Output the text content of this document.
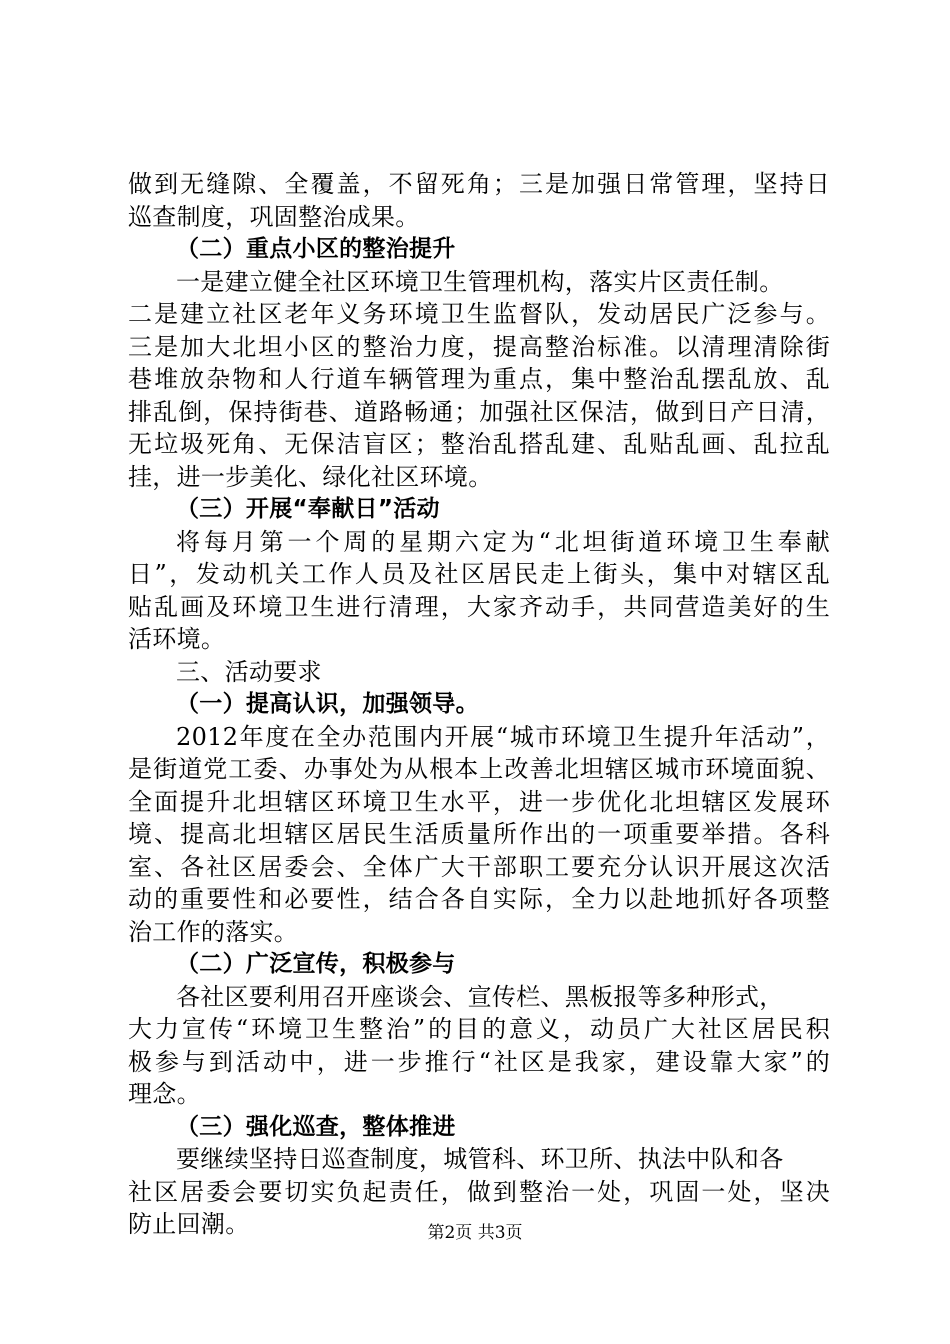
做到无缝隙、全覆盖，不留死角；三是加强日常管理，坚持日
巡查制度，巩固整治成果。
（二）重点小区的整治提升
一是建立健全社区环境卫生管理机构，落实片区责任制。
二是建立社区老年义务环境卫生监督队，发动居民广泛参与。
三是加大北坦小区的整治力度，提高整治标准。以清理清除街
巷堆放杂物和人行道车辆管理为重点，集中整治乱摆乱放、乱
排乱倒，保持街巷、道路畅通；加强社区保洁，做到日产日清，
无垃圾死角、无保洁盲区；整治乱搭乱建、乱贴乱画、乱拉乱
挂，进一步美化、绿化社区环境。
（三）开展“奉献日”活动
将每月第一个周的星期六定为“北坦街道环境卫生奉献
日”，发动机关工作人员及社区居民走上街头，集中对辖区乱
贴乱画及环境卫生进行清理，大家齐动手，共同营造美好的生
活环境。
三、活动要求
（一）提高认识，加强领导。
2012年度在全办范围内开展“城市环境卫生提升年活动”，
是街道党工委、办事处为从根本上改善北坦辖区城市环境面貌、
全面提升北坦辖区环境卫生水平，进一步优化北坦辖区发展环
境、提高北坦辖区居民生活质量所作出的一项重要举措。各科
室、各社区居委会、全体广大干部职工要充分认识开展这次活
动的重要性和必要性，结合各自实际，全力以赴地抓好各项整
治工作的落实。
（二）广泛宣传，积极参与
各社区要利用召开座谈会、宣传栏、黑板报等多种形式，
大力宣传“环境卫生整治”的目的意义，动员广大社区居民积
极参与到活动中，进一步推行“社区是我家，建设靠大家”的
理念。
（三）强化巡查，整体推进
要继续坚持日巡查制度，城管科、环卫所、执法中队和各
社区居委会要切实负起责任，做到整治一处，巩固一处，坚决
防止回潮。	第2页 共3页
